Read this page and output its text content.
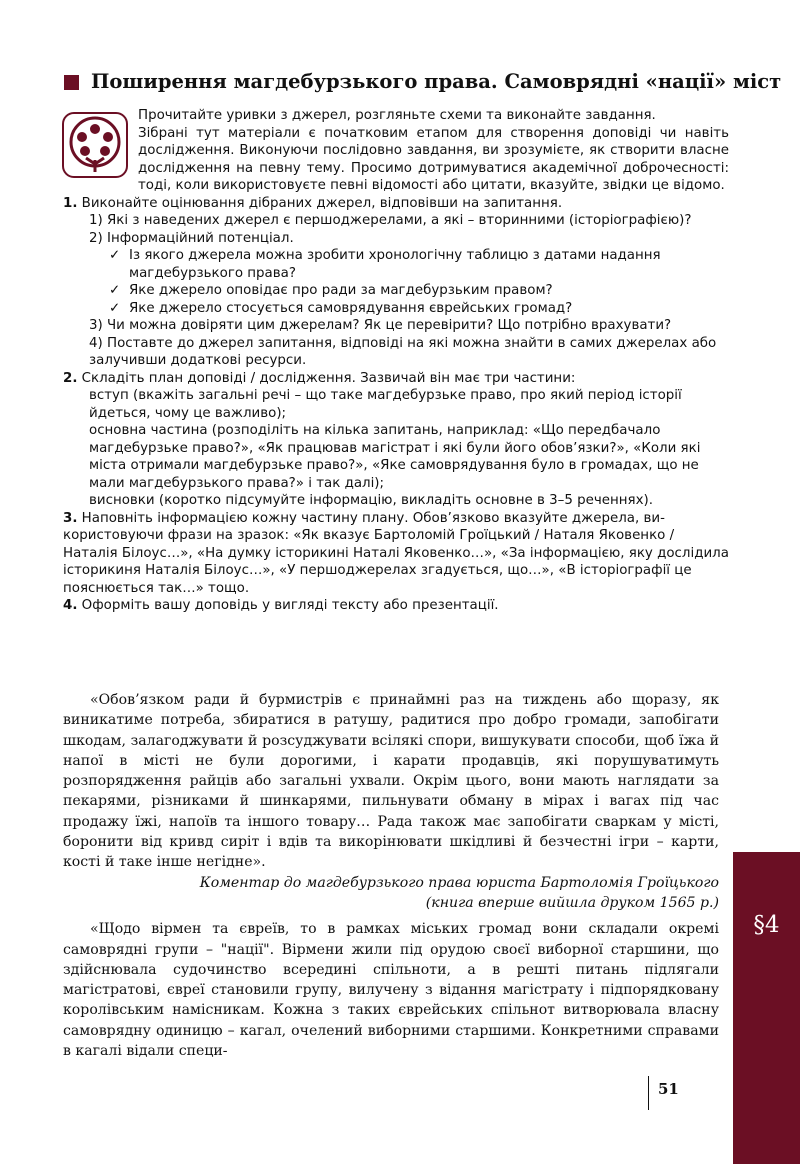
Поширення магдебурзького права. Самоврядні «нації» міст

Прочитайте уривки з джерел, розгляньте схеми та виконайте завдання.

Зібрані тут матеріали є початковим етапом для створення доповіді чи навіть дослідження. Виконуючи послідовно завдання, ви зрозумієте, як створити власне дослідження на певну тему. Просимо дотримуватися академічної доброчесності: тоді, коли використовуєте певні відомості або цитати, вказуйте, звідки це відомо.

1. Виконайте оцінювання дібраних джерел, відповівши на запитання.

1) Які з наведених джерел є першоджерелами, а які – вторинними (історіографією)?

2) Інформаційний потенціал.

✓ Із якого джерела можна зробити хронологічну таблицю з датами надання магдебурзького права?
✓ Яке джерело оповідає про ради за магдебурзьким правом?
✓ Яке джерело стосується самоврядування єврейських громад?

3) Чи можна довіряти цим джерелам? Як це перевірити? Що потрібно врахувати?

4) Поставте до джерел запитання, відповіді на які можна знайти в самих джерелах або залучивши додаткові ресурси.

2. Складіть план доповіді / дослідження. Зазвичай він має три частини:

вступ (вкажіть загальні речі – що таке магдебурзьке право, про який період історії йдеться, чому це важливо);

основна частина (розподіліть на кілька запитань, наприклад: «Що передбачало магдебурзьке право?», «Як працював магістрат і які були його обов’язки?», «Коли які міста отримали магдебурзьке право?», «Яке самоврядування було в громадах, що не мали магдебурзького права?» і так далі);

висновки (коротко підсумуйте інформацію, викладіть основне в 3–5 реченнях).

3. Наповніть інформацією кожну частину плану. Обов’язково вказуйте джерела, використовуючи фрази на зразок: «Як вказує Бартоломій Гроїцький / Наталя Яковенко / Наталія Білоус…», «На думку історикині Наталі Яковенко…», «За інформацією, яку дослідила історикиня Наталія Білоус…», «У першоджерелах згадується, що…», «В історіографії це пояснюється так…» тощо.

4. Оформіть вашу доповідь у вигляді тексту або презентації.

«Обов’язком ради й бурмистрів є принаймні раз на тиждень або щоразу, як виникатиме потреба, збиратися в ратушу, радитися про добро громади, запобігати шкодам, залагоджувати й розсуджувати всілякі спори, вишукувати способи, щоб їжа й напої в місті не були дорогими, і карати продавців, які порушуватимуть розпорядження райців або загальні ухвали. Окрім цього, вони мають наглядати за пекарями, різниками й шинкарями, пильнувати обману в мірах і вагах під час продажу їжі, напоїв та іншого товару… Рада також має запобігати сваркам у місті, боронити від кривд сиріт і вдів та викорінювати шкідливі й безчестні ігри – карти, кості й таке інше негідне».

Коментар до магдебурзького права юриста Бартоломія Гроїцького

(книга вперше вийшла друком 1565 р.)

«Щодо вірмен та євреїв, то в рамках міських громад вони складали окремі самоврядні групи – "нації". Вірмени жили під орудою своєї виборної старшини, що здійснювала судочинство всередині спільноти, а в решті питань підлягали магістратові, євреї становили групу, вилучену з відання магістрату і підпорядковану королівським намісникам. Кожна з таких єврейських спільнот витворювала власну самоврядну одиницю – кагал, очелений виборними старшими. Конкретними справами в кагалі відали специ-

§4
51
